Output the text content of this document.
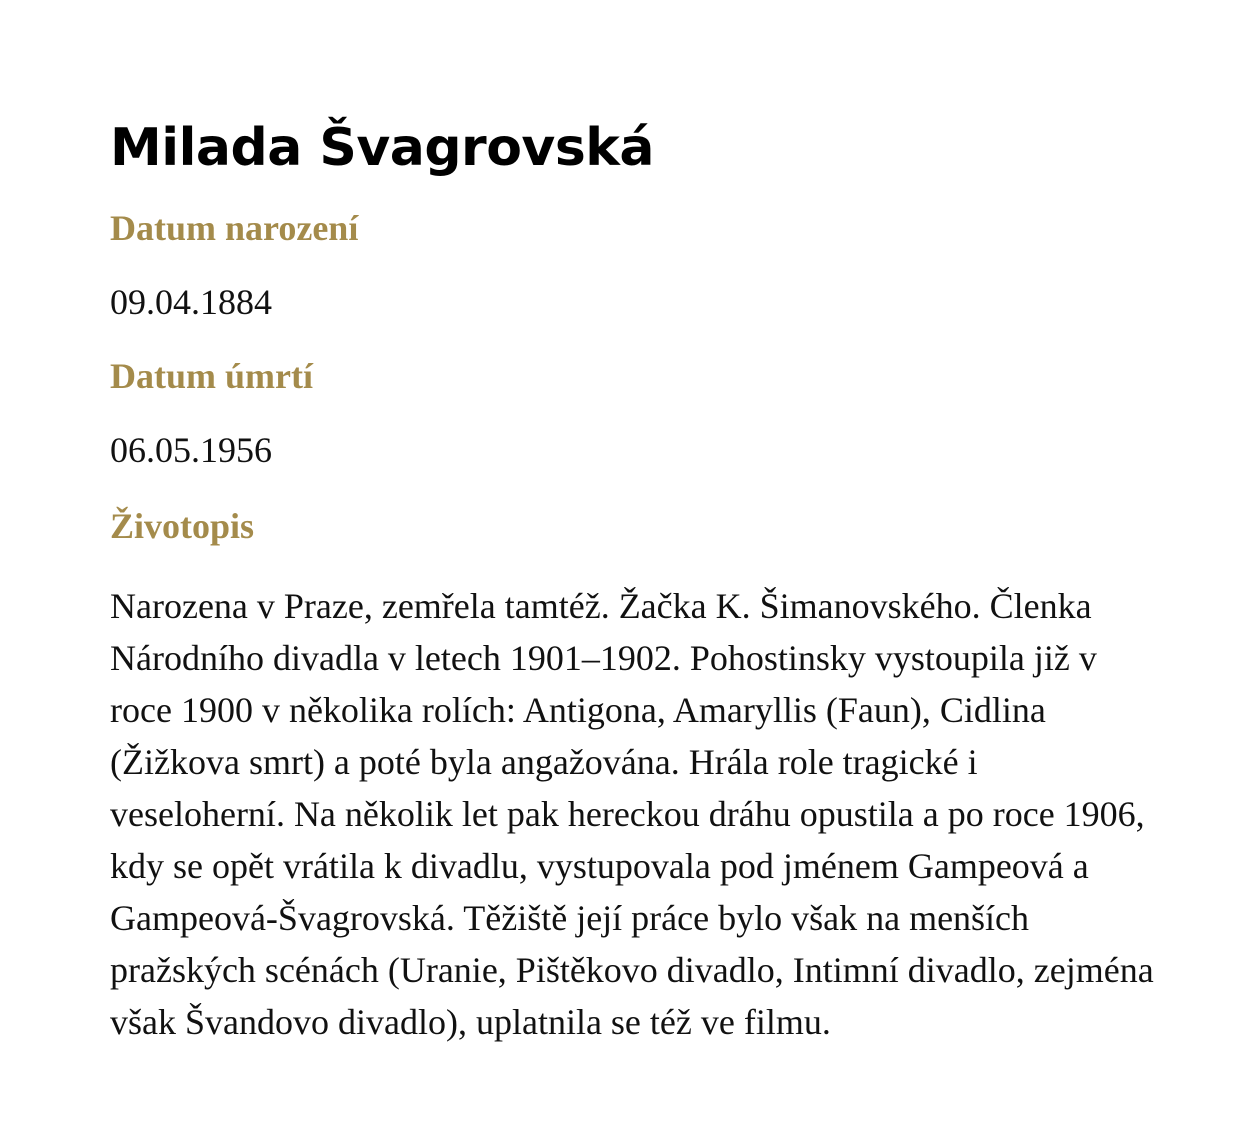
Milada Švagrovská
Datum narození
09.04.1884
Datum úmrtí
06.05.1956
Životopis
Narozena v Praze, zemřela tamtéž. Žačka K. Šimanovského. Členka Národního divadla v letech 1901–1902. Pohostinsky vystoupila již v roce 1900 v několika rolích: Antigona, Amaryllis (Faun), Cidlina (Žižkova smrt) a poté byla angažována. Hrála role tragické i veseloherní. Na několik let pak hereckou dráhu opustila a po roce 1906, kdy se opět vrátila k divadlu, vystupovala pod jménem Gampeová a Gampeová-Švagrovská. Těžiště její práce bylo však na menších pražských scénách (Uranie, Pištěkovo divadlo, Intimní divadlo, zejména však Švandovo divadlo), uplatnila se též ve filmu.
